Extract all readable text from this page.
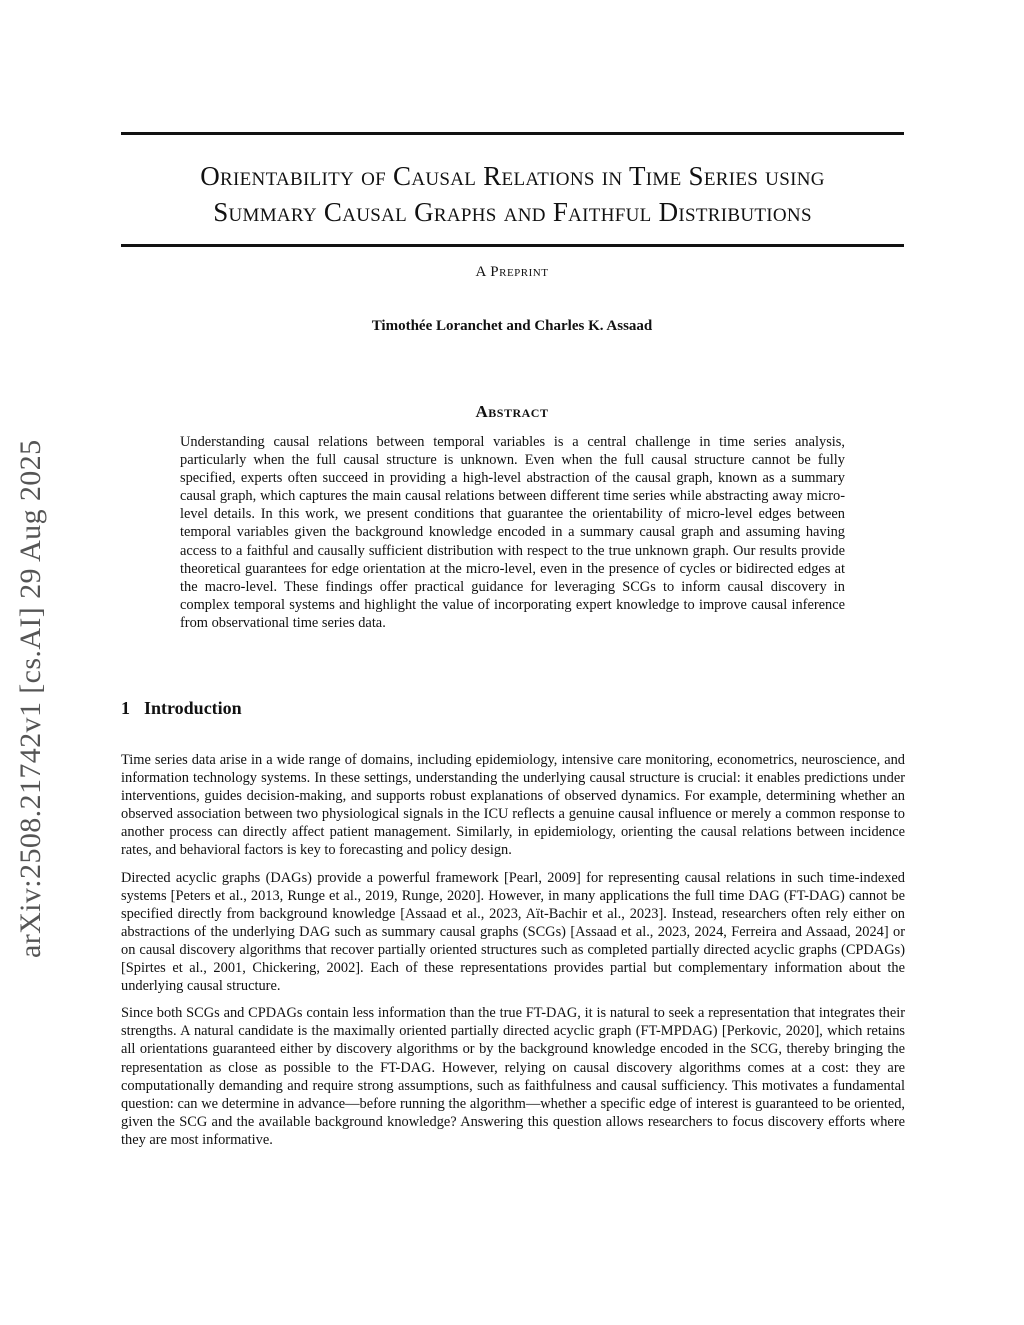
arXiv:2508.21742v1 [cs.AI] 29 Aug 2025
Orientability of Causal Relations in Time Series using
Summary Causal Graphs and Faithful Distributions
A Preprint
Timothée Loranchet and Charles K. Assaad
Abstract

Understanding causal relations between temporal variables is a central challenge in time series analysis, particularly when the full causal structure is unknown. Even when the full causal structure cannot be fully specified, experts often succeed in providing a high-level abstraction of the causal graph, known as a summary causal graph, which captures the main causal relations between different time series while abstracting away micro-level details. In this work, we present conditions that guarantee the orientability of micro-level edges between temporal variables given the background knowledge encoded in a summary causal graph and assuming having access to a faithful and causally sufficient distribution with respect to the true unknown graph. Our results provide theoretical guarantees for edge orientation at the micro-level, even in the presence of cycles or bidirected edges at the macro-level. These findings offer practical guidance for leveraging SCGs to inform causal discovery in complex temporal systems and highlight the value of incorporating expert knowledge to improve causal inference from observational time series data.

1 Introduction

Time series data arise in a wide range of domains, including epidemiology, intensive care monitoring, econometrics, neuroscience, and information technology systems. In these settings, understanding the underlying causal structure is crucial: it enables predictions under interventions, guides decision-making, and supports robust explanations of observed dynamics. For example, determining whether an observed association between two physiological signals in the ICU reflects a genuine causal influence or merely a common response to another process can directly affect patient management. Similarly, in epidemiology, orienting the causal relations between incidence rates, and behavioral factors is key to forecasting and policy design.

Directed acyclic graphs (DAGs) provide a powerful framework [Pearl, 2009] for representing causal relations in such time-indexed systems [Peters et al., 2013, Runge et al., 2019, Runge, 2020]. However, in many applications the full time DAG (FT-DAG) cannot be specified directly from background knowledge [Assaad et al., 2023, Aït-Bachir et al., 2023]. Instead, researchers often rely either on abstractions of the underlying DAG such as summary causal graphs (SCGs) [Assaad et al., 2023, 2024, Ferreira and Assaad, 2024] or on causal discovery algorithms that recover partially oriented structures such as completed partially directed acyclic graphs (CPDAGs) [Spirtes et al., 2001, Chickering, 2002]. Each of these representations provides partial but complementary information about the underlying causal structure.

Since both SCGs and CPDAGs contain less information than the true FT-DAG, it is natural to seek a representation that integrates their strengths. A natural candidate is the maximally oriented partially directed acyclic graph (FT-MPDAG) [Perkovic, 2020], which retains all orientations guaranteed either by discovery algorithms or by the background knowledge encoded in the SCG, thereby bringing the representation as close as possible to the FT-DAG. However, relying on causal discovery algorithms comes at a cost: they are computationally demanding and require strong assumptions, such as faithfulness and causal sufficiency. This motivates a fundamental question: can we determine in advance—before running the algorithm—whether a specific edge of interest is guaranteed to be oriented, given the SCG and the available background knowledge? Answering this question allows researchers to focus discovery efforts where they are most informative.
